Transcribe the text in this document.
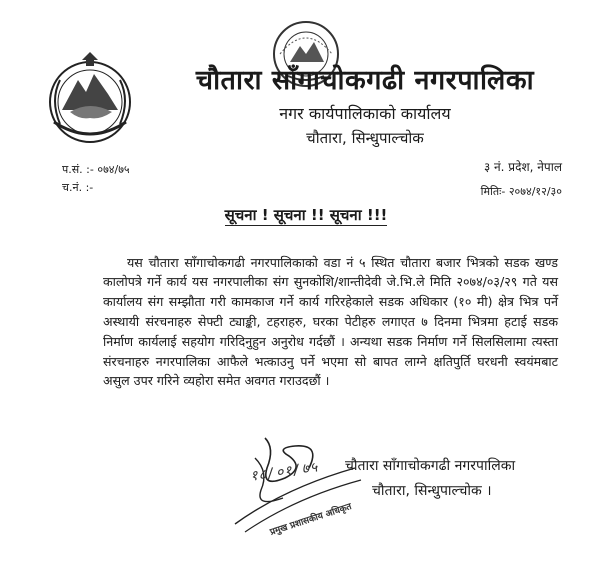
चौतारा साँगाचोकगढी नगरपालिका
नगर कार्यपालिकाको कार्यालय
चौतारा, सिन्धुपाल्चोक
प.सं. :- ०७४/७५
च.नं. :-
३ नं. प्रदेश, नेपाल
मितिः- २०७४/१२/३०
सूचना ! सूचना !! सूचना !!!

यस चौतारा साँगाचोकगढी नगरपालिकाको वडा नं ५ स्थित चौतारा बजार भित्रको सडक खण्ड कालोपत्रे गर्ने कार्य यस नगरपालीका संग सुनकोशि/शान्तीदेवी जे.भि.ले मिति २०७४/०३/२९ गते यस कार्यालय संग सम्झौता गरी कामकाज गर्ने कार्य गरिरहेकाले सडक अधिकार (१० मी) क्षेत्र भित्र पर्ने अस्थायी संरचनाहरु सेफ्टी ट्याङ्की, टहराहरु, घरका पेटीहरु लगाएत ७ दिनमा भित्रमा हटाई सडक निर्माण कार्यलाई सहयोग गरिदिनुहुन अनुरोध गर्दछौं । अन्यथा सडक निर्माण गर्ने सिलसिलामा त्यस्ता संरचनाहरु नगरपालिका आफैले भत्काउनु पर्ने भएमा सो बापत लाग्ने क्षतिपुर्ति घरधनी स्वयंमबाट असुल उपर गरिने व्यहोरा समेत अवगत गराउदछौं ।

१८/०१/७५
प्रमुख प्रशासकीय अधिकृत
चौतारा साँगाचोकगढी नगरपालिका
चौतारा, सिन्धुपाल्चोक ।
